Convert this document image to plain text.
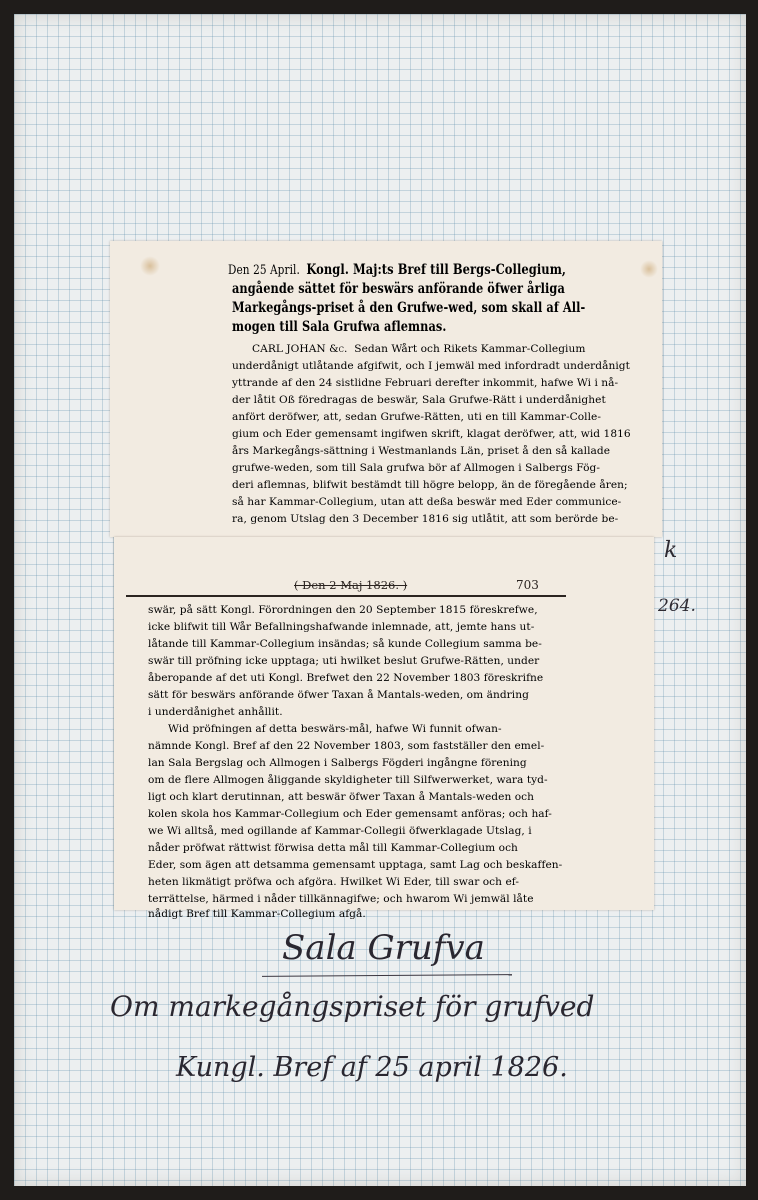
Den 25 April. Kongl. Maj:ts Bref till Bergs-Collegium,
angående sättet för beswärs anförande öfwer årliga
Markegångs-priset å den Grufwe-wed, som skall af All-
mogen till Sala Grufwa aflemnas.
CARL JOHAN &c. Sedan Wårt och Rikets Kammar-Collegium
underdånigt utlåtande afgifwit, och I jemwäl med infordradt underdånigt
yttrande af den 24 sistlidne Februari derefter inkommit, hafwe Wi i nå-
der låtit Oß föredragas de beswär, Sala Grufwe-Rätt i underdånighet
anfört deröfwer, att, sedan Grufwe-Rätten, uti en till Kammar-Colle-
gium och Eder gemensamt ingifwen skrift, klagat deröfwer, att, wid 1816
års Markegångs-sättning i Westmanlands Län, priset å den så kallade
grufwe-weden, som till Sala grufwa bör af Allmogen i Salbergs Fög-
deri aflemnas, blifwit bestämdt till högre belopp, än de föregående åren;
så har Kammar-Collegium, utan att deßa beswär med Eder communice-
ra, genom Utslag den 3 December 1816 sig utlåtit, att som berörde be-
( Den 2 Maj 1826. )	703
swär, på sätt Kongl. Förordningen den 20 September 1815 föreskrefwe,
icke blifwit till Wår Befallningshafwande inlemnade, att, jemte hans ut-
låtande till Kammar-Collegium insändas; så kunde Collegium samma be-
swär till pröfning icke upptaga; uti hwilket beslut Grufwe-Rätten, under
åberopande af det uti Kongl. Brefwet den 22 November 1803 föreskrifne
sätt för beswärs anförande öfwer Taxan å Mantals-weden, om ändring
i underdånighet anhållit.
Wid pröfningen af detta beswärs-mål, hafwe Wi funnit ofwan-
nämnde Kongl. Bref af den 22 November 1803, som fastställer den emel-
lan Sala Bergslag och Allmogen i Salbergs Fögderi ingångne förening
om de flere Allmogen åliggande skyldigheter till Silfwerwerket, wara tyd-
ligt och klart derutinnan, att beswär öfwer Taxan å Mantals-weden och
kolen skola hos Kammar-Collegium och Eder gemensamt anföras; och haf-
we Wi alltså, med ogillande af Kammar-Collegii öfwerklagade Utslag, i
nåder pröfwat rättwist förwisa detta mål till Kammar-Collegium och
Eder, som ägen att detsamma gemensamt upptaga, samt Lag och beskaffen-
heten likmätigt pröfwa och afgöra. Hwilket Wi Eder, till swar och ef-
terrättelse, härmed i nåder tillkännagifwe; och hwarom Wi jemwäl låte
nådigt Bref till Kammar-Collegium afgå.
k
264.
Sala Grufva
Om markegångspriset för grufved
Kungl. Bref af 25 april 1826.
